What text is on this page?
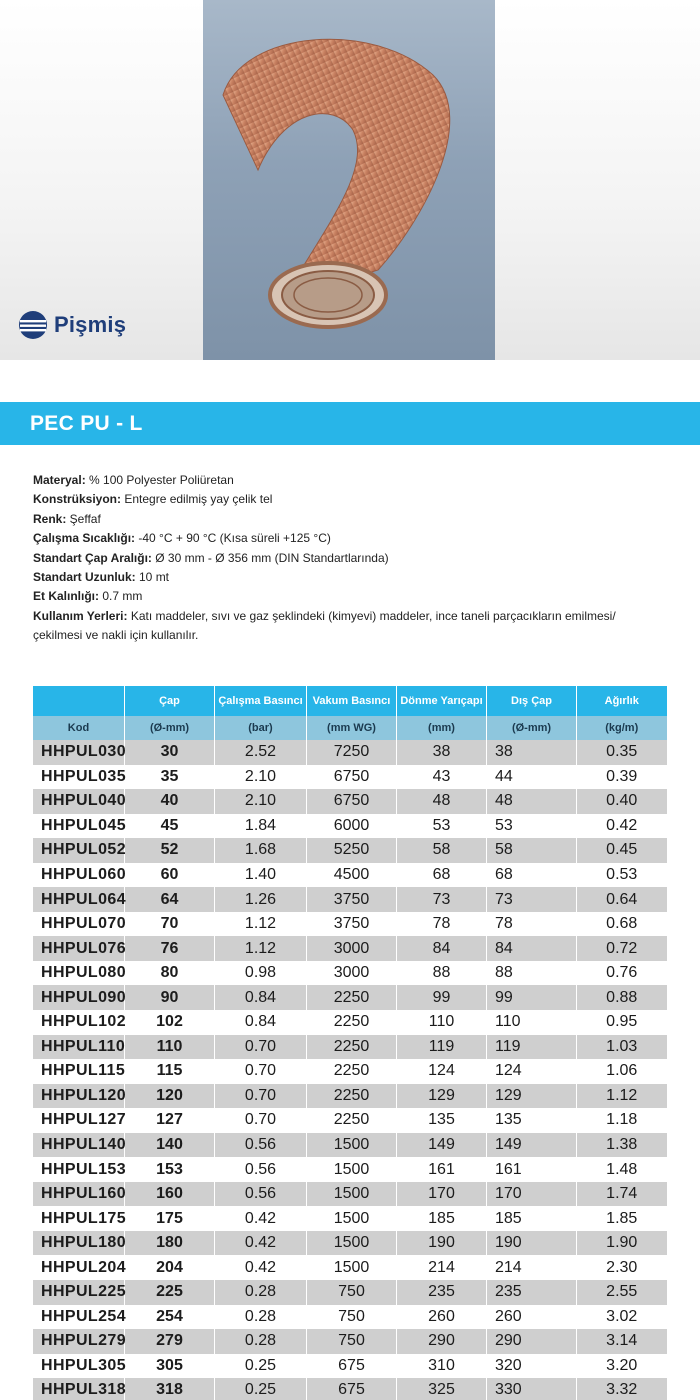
Pişmiş
PEC PU - L
Materyal: % 100 Polyester Poliüretan
Konstrüksiyon: Entegre edilmiş yay çelik tel
Renk: Şeffaf
Çalışma Sıcaklığı: -40 °C + 90 °C (Kısa süreli +125 °C)
Standart Çap Aralığı: Ø 30 mm - Ø 356 mm (DIN Standartlarında)
Standart Uzunluk: 10 mt
Et Kalınlığı: 0.7 mm
Kullanım Yerleri: Katı maddeler, sıvı ve gaz şeklindeki (kimyevi) maddeler, ince taneli parçacıkların emilmesi/ çekilmesi ve nakli için kullanılır.
	Çap	Çalışma Basıncı	Vakum Basıncı	Dönme Yarıçapı	Dış Çap	Ağırlık
Kod	(Ø-mm)	(bar)	(mm WG)	(mm)	(Ø-mm)	(kg/m)
HHPUL030	30	2.52	7250	38	38	0.35
HHPUL035	35	2.10	6750	43	44	0.39
HHPUL040	40	2.10	6750	48	48	0.40
HHPUL045	45	1.84	6000	53	53	0.42
HHPUL052	52	1.68	5250	58	58	0.45
HHPUL060	60	1.40	4500	68	68	0.53
HHPUL064	64	1.26	3750	73	73	0.64
HHPUL070	70	1.12	3750	78	78	0.68
HHPUL076	76	1.12	3000	84	84	0.72
HHPUL080	80	0.98	3000	88	88	0.76
HHPUL090	90	0.84	2250	99	99	0.88
HHPUL102	102	0.84	2250	110	110	0.95
HHPUL110	110	0.70	2250	119	119	1.03
HHPUL115	115	0.70	2250	124	124	1.06
HHPUL120	120	0.70	2250	129	129	1.12
HHPUL127	127	0.70	2250	135	135	1.18
HHPUL140	140	0.56	1500	149	149	1.38
HHPUL153	153	0.56	1500	161	161	1.48
HHPUL160	160	0.56	1500	170	170	1.74
HHPUL175	175	0.42	1500	185	185	1.85
HHPUL180	180	0.42	1500	190	190	1.90
HHPUL204	204	0.42	1500	214	214	2.30
HHPUL225	225	0.28	750	235	235	2.55
HHPUL254	254	0.28	750	260	260	3.02
HHPUL279	279	0.28	750	290	290	3.14
HHPUL305	305	0.25	675	310	320	3.20
HHPUL318	318	0.25	675	325	330	3.32
